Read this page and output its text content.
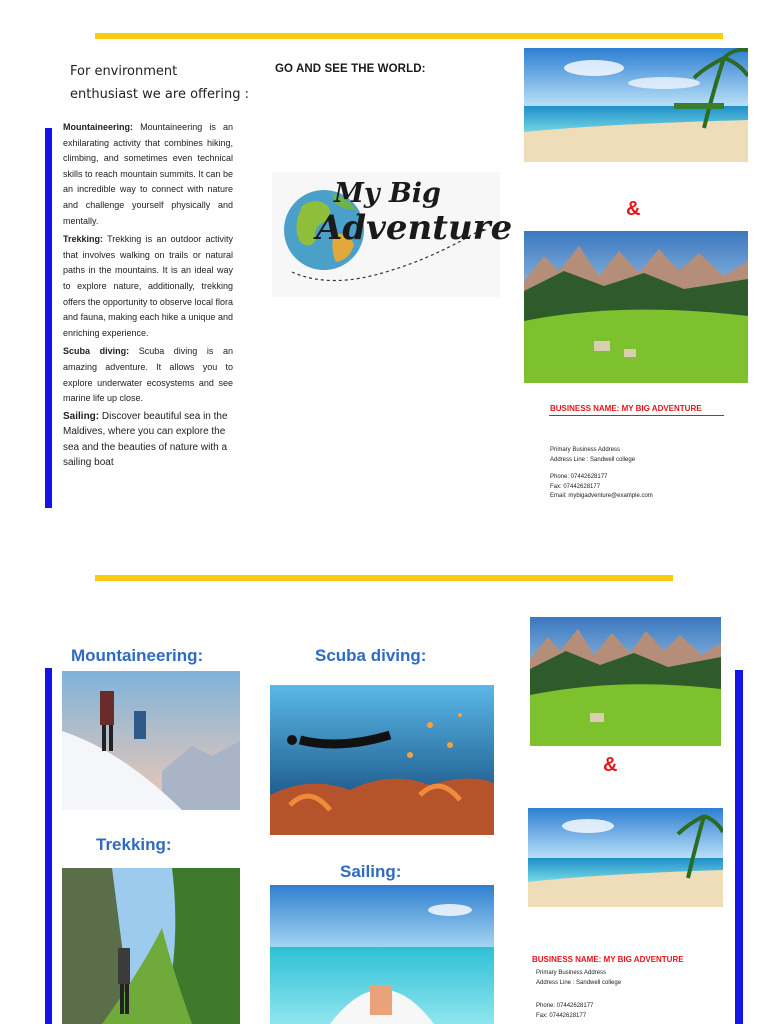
For environment
enthusiast we are offering :

Mountaineering: Mountaineering is an exhilarating activity that combines hiking, climbing, and sometimes even technical skills to reach mountain summits. It can be an incredible way to connect with nature and challenge yourself physically and mentally.

Trekking: Trekking is an outdoor activity that involves walking on trails or natural paths in the mountains. It is an ideal way to explore nature, additionally, trekking offers the opportunity to observe local flora and fauna, making each hike a unique and enriching experience.

Scuba diving: Scuba diving is an amazing adventure. It allows you to explore underwater ecosystems and see marine life up close.

Sailing: Discover beautiful sea in the Maldives, where you can explore the sea and the beauties of nature with a sailing boat

GO AND SEE THE WORLD:
My Big
Adventure	&
BUSINESS NAME: MY BIG ADVENTURE
Primary Business Address
Address Line : Sandwell college
Phone: 07442628177
Fax: 07442628177
Email: mybigadventure@example.com
Mountaineering:	Scuba diving:
Trekking:
Sailing:
&
BUSINESS NAME: MY BIG ADVENTURE
Primary Business Address
Address Line : Sandwell college
Phone: 07442628177
Fax: 07442628177
